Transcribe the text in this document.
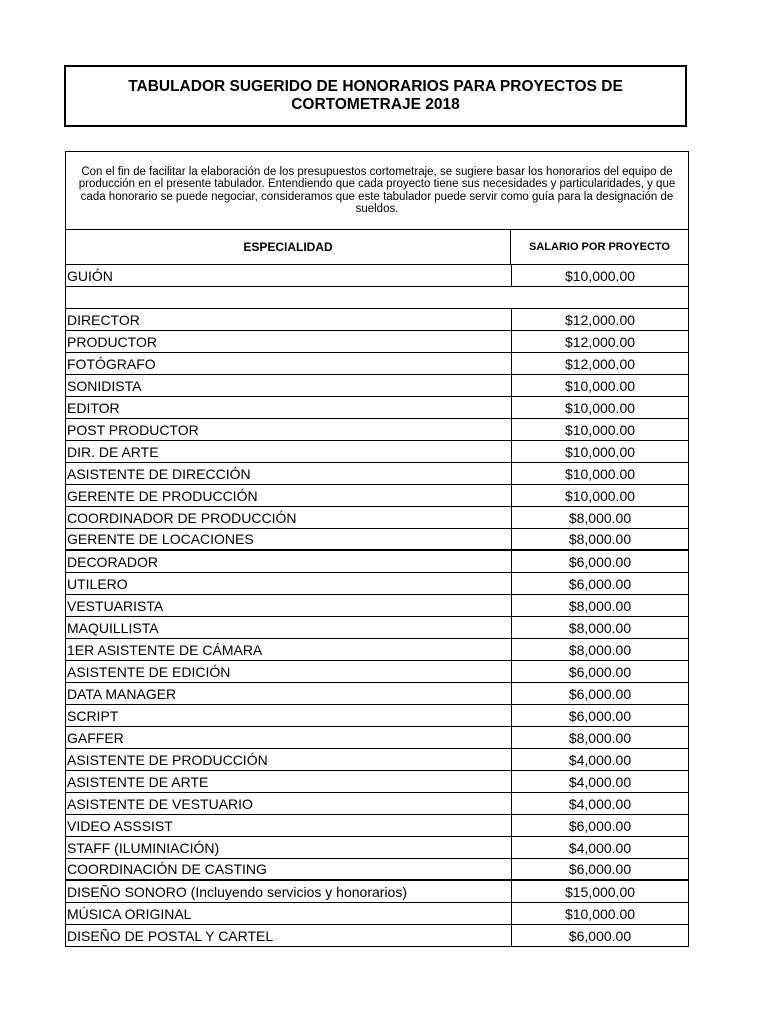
TABULADOR SUGERIDO DE HONORARIOS PARA PROYECTOS DE CORTOMETRAJE 2018
Con el fin de facilitar la elaboración de los presupuestos cortometraje, se sugiere basar los honorarios del equipo de producción en el presente tabulador. Entendiendo que cada proyecto tiene sus necesidades y particularidades, y que cada honorario se puede negociar, consideramos que este tabulador puede servir como guía para la designación de sueldos.
ESPECIALIDAD	SALARIO POR PROYECTO
GUIÓN	$10,000.00
DIRECTOR	$12,000.00
PRODUCTOR	$12,000.00
FOTÓGRAFO	$12,000.00
SONIDISTA	$10,000.00
EDITOR	$10,000.00
POST PRODUCTOR	$10,000.00
DIR. DE ARTE	$10,000.00
ASISTENTE DE DIRECCIÓN	$10,000.00
GERENTE DE PRODUCCIÓN	$10,000.00
COORDINADOR DE PRODUCCIÓN	$8,000.00
GERENTE DE LOCACIONES	$8,000.00
DECORADOR	$6,000.00
UTILERO	$6,000.00
VESTUARISTA	$8,000.00
MAQUILLISTA	$8,000.00
1ER ASISTENTE DE CÁMARA	$8,000.00
ASISTENTE DE EDICIÓN	$6,000.00
DATA MANAGER	$6,000.00
SCRIPT	$6,000.00
GAFFER	$8,000.00
ASISTENTE DE PRODUCCIÓN	$4,000.00
ASISTENTE DE ARTE	$4,000.00
ASISTENTE DE VESTUARIO	$4,000.00
VIDEO ASSSIST	$6,000.00
STAFF (ILUMINIACIÓN)	$4,000.00
COORDINACIÓN DE CASTING	$6,000.00
DISEÑO SONORO (Incluyendo servicios y honorarios)	$15,000.00
MÚSICA ORIGINAL	$10,000.00
DISEÑO DE POSTAL Y CARTEL	$6,000.00
